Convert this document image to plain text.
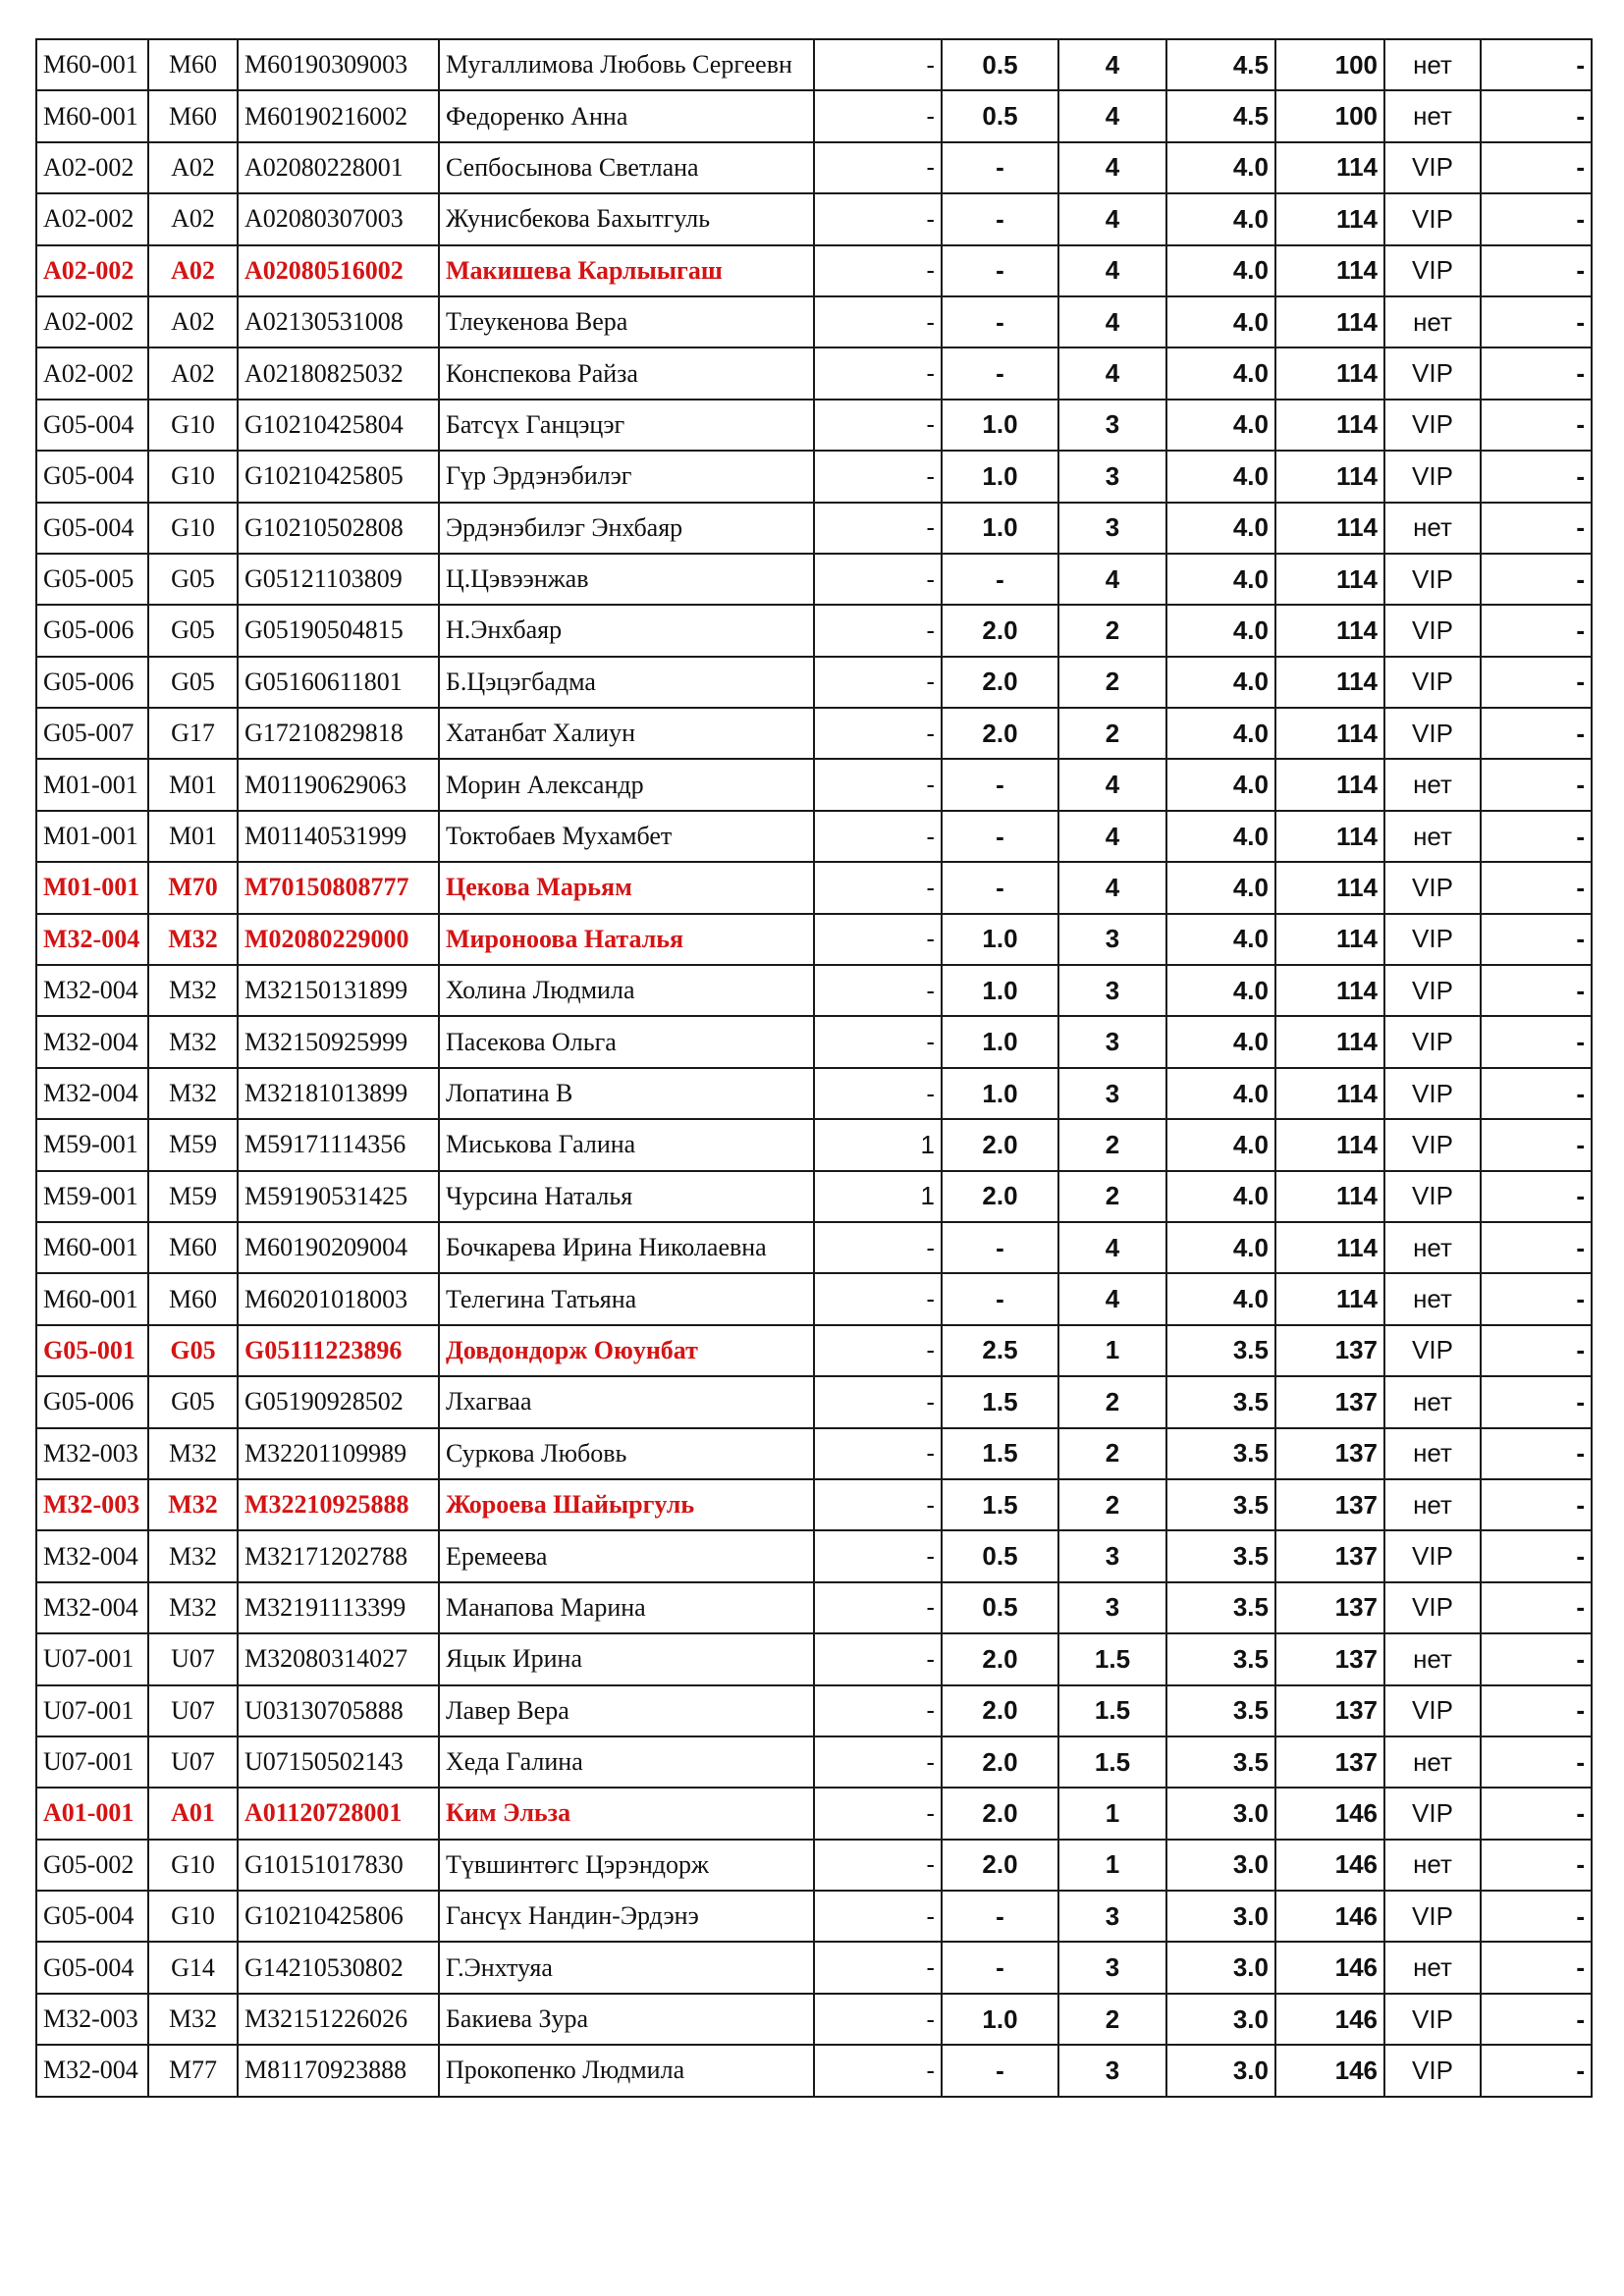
M60-001	M60	M60190309003	Мугаллимова Любовь Сергеевн	-	0.5	4	4.5	100	нет	-
M60-001	M60	M60190216002	Федоренко Анна	-	0.5	4	4.5	100	нет	-
A02-002	A02	A02080228001	Сепбосынова Светлана	-	-	4	4.0	114	VIP	-
A02-002	A02	A02080307003	Жунисбекова Бахытгуль	-	-	4	4.0	114	VIP	-
A02-002	A02	A02080516002	Макишева Карлыыгаш	-	-	4	4.0	114	VIP	-
A02-002	A02	A02130531008	Тлеукенова Вера	-	-	4	4.0	114	нет	-
A02-002	A02	A02180825032	Конспекова Райза	-	-	4	4.0	114	VIP	-
G05-004	G10	G10210425804	Батсүх Ганцэцэг	-	1.0	3	4.0	114	VIP	-
G05-004	G10	G10210425805	Гүр Эрдэнэбилэг	-	1.0	3	4.0	114	VIP	-
G05-004	G10	G10210502808	Эрдэнэбилэг Энхбаяр	-	1.0	3	4.0	114	нет	-
G05-005	G05	G05121103809	Ц.Цэвээнжав	-	-	4	4.0	114	VIP	-
G05-006	G05	G05190504815	Н.Энхбаяр	-	2.0	2	4.0	114	VIP	-
G05-006	G05	G05160611801	Б.Цэцэгбадма	-	2.0	2	4.0	114	VIP	-
G05-007	G17	G17210829818	Хатанбат Халиун	-	2.0	2	4.0	114	VIP	-
M01-001	M01	M01190629063	Морин Александр	-	-	4	4.0	114	нет	-
M01-001	M01	M01140531999	Токтобаев Мухамбет	-	-	4	4.0	114	нет	-
M01-001	M70	M70150808777	Цекова Марьям	-	-	4	4.0	114	VIP	-
M32-004	M32	M02080229000	Мироноова Наталья	-	1.0	3	4.0	114	VIP	-
M32-004	M32	M32150131899	Холина Людмила	-	1.0	3	4.0	114	VIP	-
M32-004	M32	M32150925999	Пасекова Ольга	-	1.0	3	4.0	114	VIP	-
M32-004	M32	M32181013899	Лопатина В	-	1.0	3	4.0	114	VIP	-
M59-001	M59	M59171114356	Миськова Галина	1	2.0	2	4.0	114	VIP	-
M59-001	M59	M59190531425	Чурсина Наталья	1	2.0	2	4.0	114	VIP	-
M60-001	M60	M60190209004	Бочкарева Ирина Николаевна	-	-	4	4.0	114	нет	-
M60-001	M60	M60201018003	Телегина Татьяна	-	-	4	4.0	114	нет	-
G05-001	G05	G05111223896	Довдондорж Оюунбат	-	2.5	1	3.5	137	VIP	-
G05-006	G05	G05190928502	Лхагваа	-	1.5	2	3.5	137	нет	-
M32-003	M32	M32201109989	Суркова Любовь	-	1.5	2	3.5	137	нет	-
M32-003	M32	M32210925888	Жороева Шайыргуль	-	1.5	2	3.5	137	нет	-
M32-004	M32	M32171202788	Еремеева	-	0.5	3	3.5	137	VIP	-
M32-004	M32	M32191113399	Манапова Марина	-	0.5	3	3.5	137	VIP	-
U07-001	U07	M32080314027	Яцык Ирина	-	2.0	1.5	3.5	137	нет	-
U07-001	U07	U03130705888	Лавер Вера	-	2.0	1.5	3.5	137	VIP	-
U07-001	U07	U07150502143	Хеда Галина	-	2.0	1.5	3.5	137	нет	-
A01-001	A01	A01120728001	Ким Эльза	-	2.0	1	3.0	146	VIP	-
G05-002	G10	G10151017830	Түвшинтөгс Цэрэндорж	-	2.0	1	3.0	146	нет	-
G05-004	G10	G10210425806	Гансүх Нандин-Эрдэнэ	-	-	3	3.0	146	VIP	-
G05-004	G14	G14210530802	Г.Энхтуяа	-	-	3	3.0	146	нет	-
M32-003	M32	M32151226026	Бакиева Зура	-	1.0	2	3.0	146	VIP	-
M32-004	M77	M81170923888	Прокопенко Людмила	-	-	3	3.0	146	VIP	-
